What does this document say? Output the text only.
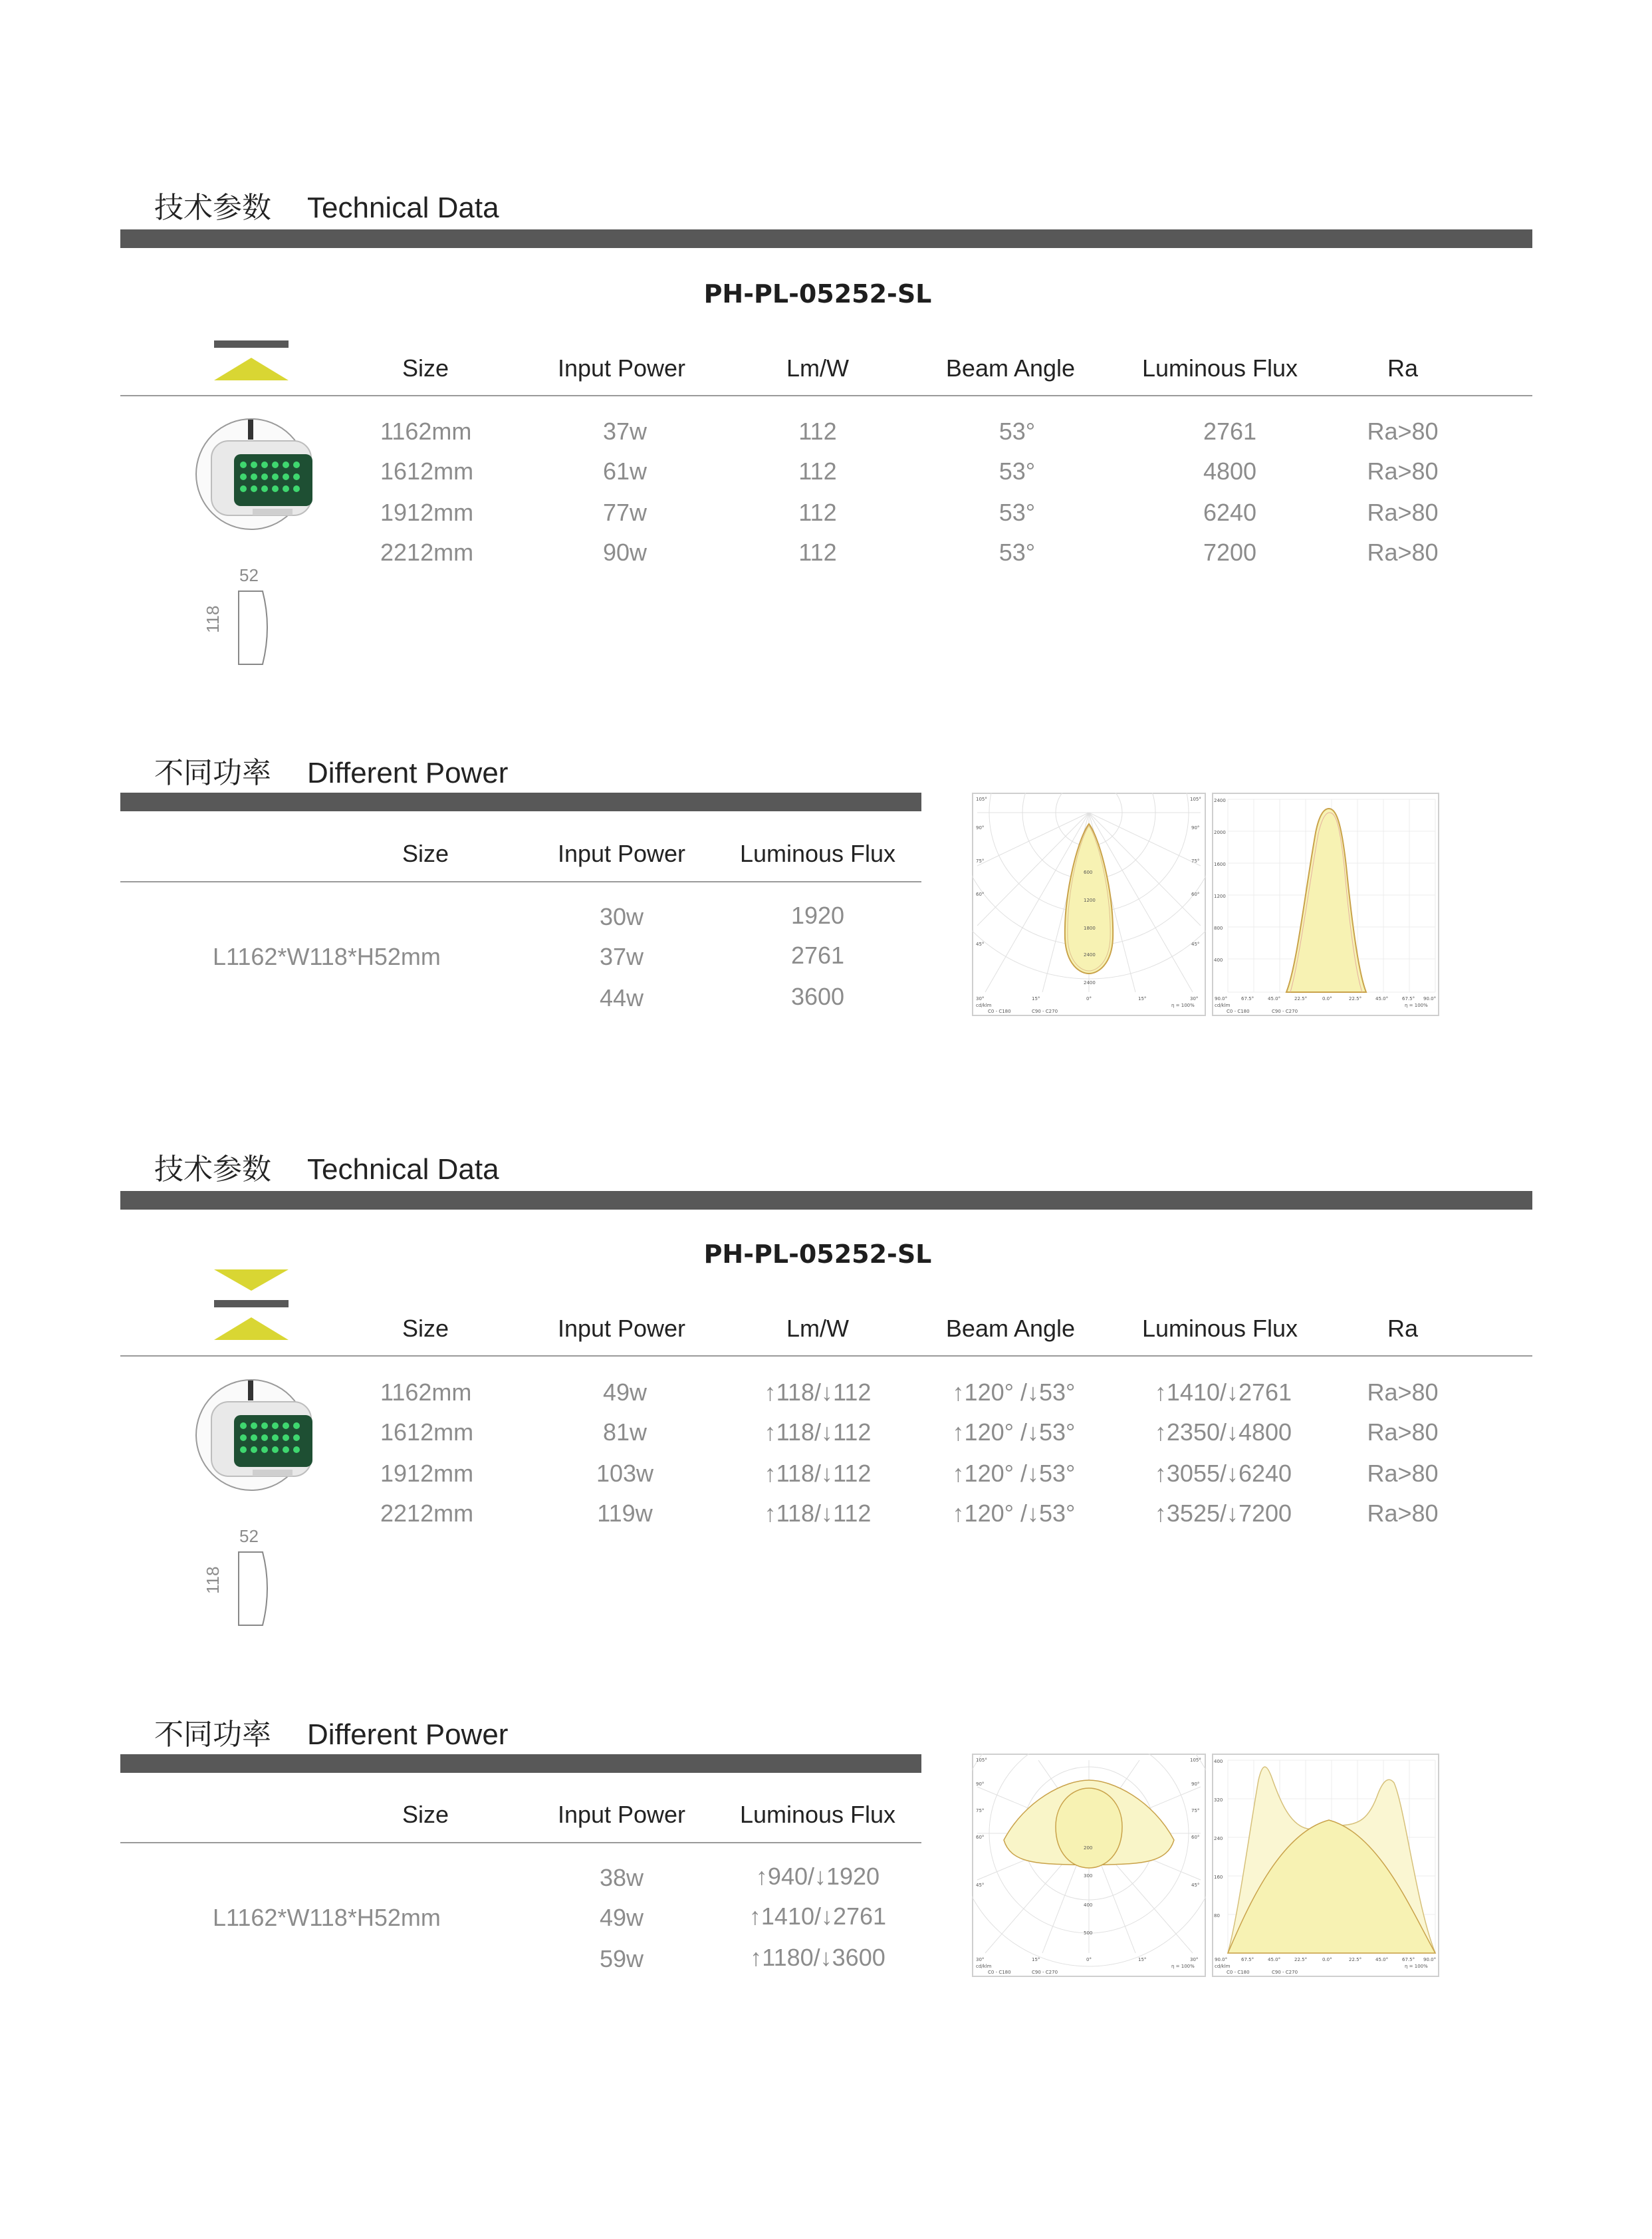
技术参数 Technical Data
PH-PL-05252-SL
Size	Input Power	Lm/W	Beam Angle	Luminous Flux	Ra
52
118
1162mm	37w	112	53°	2761	Ra>80
1612mm	61w	112	53°	4800	Ra>80
1912mm	77w	112	53°	6240	Ra>80
2212mm	90w	112	53°	7200	Ra>80
不同功率 Different Power
Size	Input Power	Luminous Flux
L1162*W118*H52mm
30w	1920
37w	2761
44w	3600
105°
90°
75°
60°
45°
30°	15°	0°	15°	30°
45°
60°
75°
90°
105°
600
1200
1800
2400
2400
cd/klm
C0 - C180	C90 - C270
η = 100%
2400
2000
1600
1200
800
400
90.0°	67.5°	45.0°	22.5°	0.0°	22.5°	45.0°	67.5° 90.0°
cd/klm
C0 - C180	C90 - C270
η = 100%
技术参数 Technical Data
PH-PL-05252-SL
Size	Input Power	Lm/W	Beam Angle	Luminous Flux	Ra
52
118
1162mm	49w	↑118/↓112	↑120° /↓53°	↑1410/↓2761	Ra>80
1612mm	81w	↑118/↓112	↑120° /↓53°	↑2350/↓4800	Ra>80
1912mm	103w	↑118/↓112	↑120° /↓53°	↑3055/↓6240	Ra>80
2212mm	119w	↑118/↓112	↑120° /↓53°	↑3525/↓7200	Ra>80
不同功率 Different Power
Size	Input Power	Luminous Flux
L1162*W118*H52mm
38w	↑940/↓1920
49w	↑1410/↓2761
59w	↑1180/↓3600
105°
90°
75°
60°
45°
30°	15°	0°	15°	30°
45°
60°
75°
90°
105°
200
300
400
500
cd/klm
C0 - C180	C90 - C270
η = 100%
400
320
240
160
80
90.0°	67.5°	45.0°	22.5°	0.0°	22.5°	45.0°	67.5° 90.0°
cd/klm
C0 - C180	C90 - C270
η = 100%
